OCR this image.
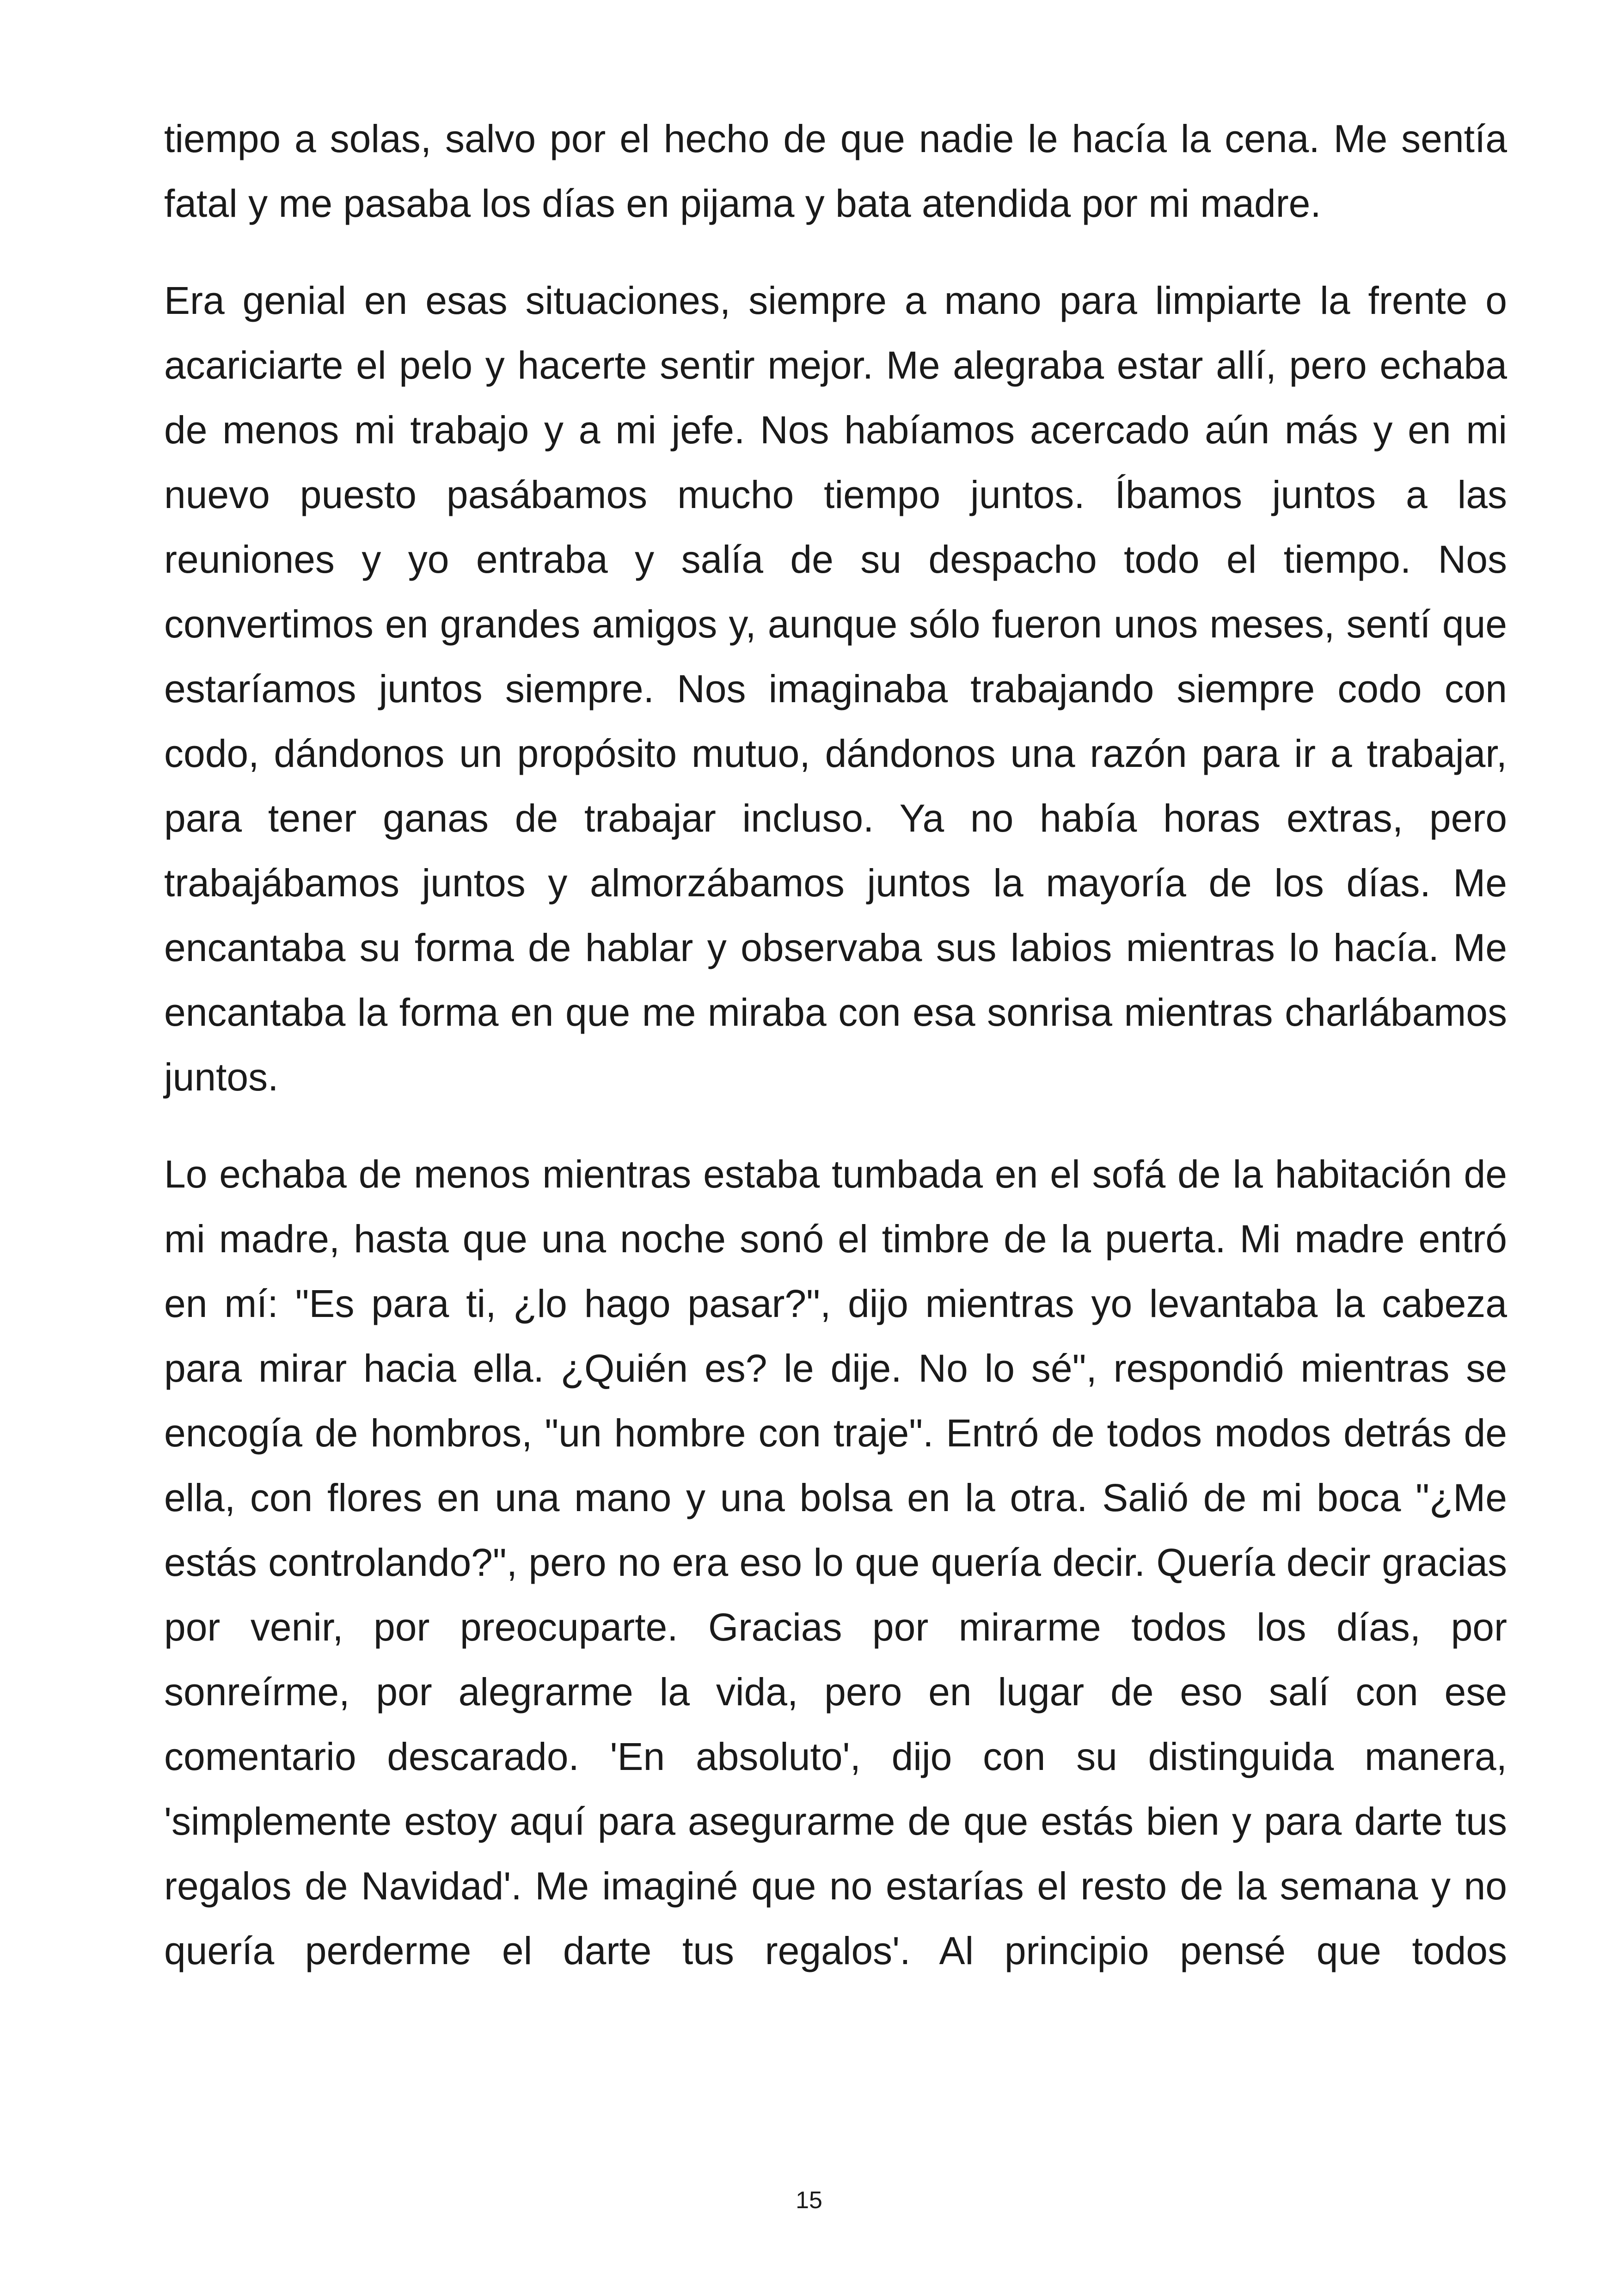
tiempo a solas, salvo por el hecho de que nadie le hacía la cena. Me sentía fatal y me pasaba los días en pijama y bata atendida por mi madre.

Era genial en esas situaciones, siempre a mano para limpiarte la frente o acariciarte el pelo y hacerte sentir mejor. Me alegraba estar allí, pero echaba de menos mi trabajo y a mi jefe. Nos habíamos acercado aún más y en mi nuevo puesto pasábamos mucho tiempo juntos. Íbamos juntos a las reuniones y yo entraba y salía de su despacho todo el tiempo. Nos convertimos en grandes amigos y, aunque sólo fueron unos meses, sentí que estaríamos juntos siempre. Nos imaginaba trabajando siempre codo con codo, dándonos un propósito mutuo, dándonos una razón para ir a trabajar, para tener ganas de trabajar incluso. Ya no había horas extras, pero trabajábamos juntos y almorzábamos juntos la mayoría de los días. Me encantaba su forma de hablar y observaba sus labios mientras lo hacía. Me encantaba la forma en que me miraba con esa sonrisa mientras charlábamos juntos.

Lo echaba de menos mientras estaba tumbada en el sofá de la habitación de mi madre, hasta que una noche sonó el timbre de la puerta. Mi madre entró en mí: "Es para ti, ¿lo hago pasar?", dijo mientras yo levantaba la cabeza para mirar hacia ella. ¿Quién es? le dije. No lo sé", respondió mientras se encogía de hombros, "un hombre con traje". Entró de todos modos detrás de ella, con flores en una mano y una bolsa en la otra. Salió de mi boca "¿Me estás controlando?", pero no era eso lo que quería decir. Quería decir gracias por venir, por preocuparte. Gracias por mirarme todos los días, por sonreírme, por alegrarme la vida, pero en lugar de eso salí con ese comentario descarado. 'En absoluto', dijo con su distinguida manera, 'simplemente estoy aquí para asegurarme de que estás bien y para darte tus regalos de Navidad'. Me imaginé que no estarías el resto de la semana y no quería perderme el darte tus regalos'. Al principio pensé que todos

15
